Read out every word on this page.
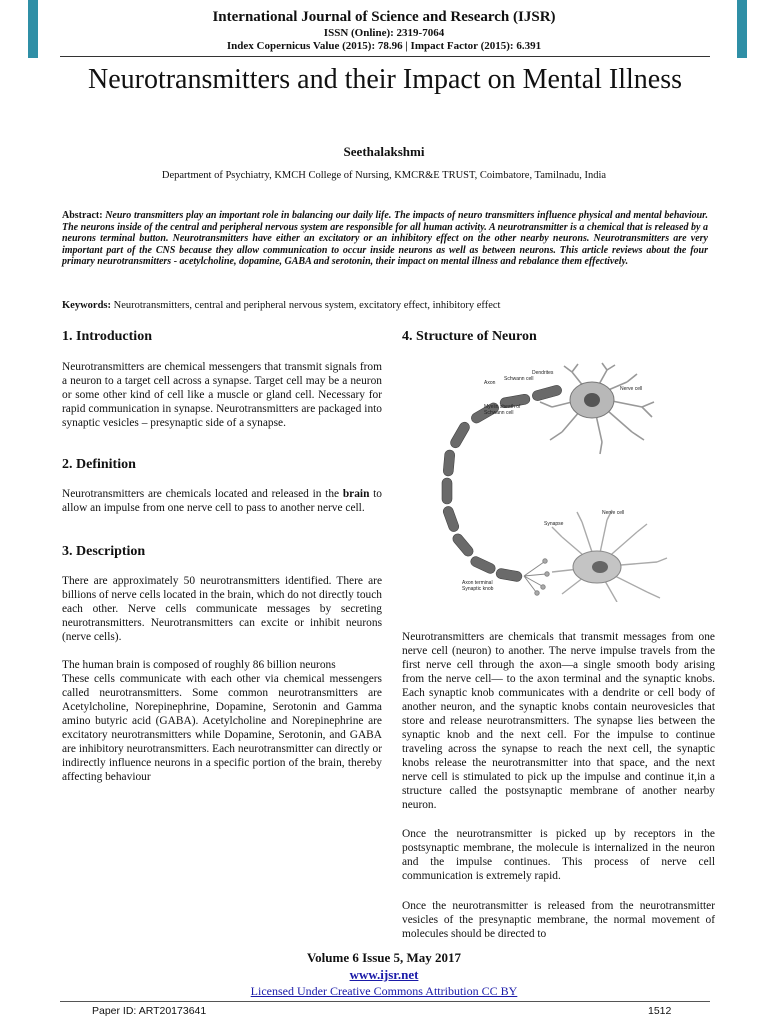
International Journal of Science and Research (IJSR)
ISSN (Online): 2319-7064
Index Copernicus Value (2015): 78.96 | Impact Factor (2015): 6.391
Neurotransmitters and their Impact on Mental Illness
Seethalakshmi
Department of Psychiatry, KMCH College of Nursing, KMCR&E TRUST, Coimbatore, Tamilnadu, India
Abstract: Neuro transmitters play an important role in balancing our daily life. The impacts of neuro transmitters influence physical and mental behaviour. The neurons inside of the central and peripheral nervous system are responsible for all human activity. A neurotransmitter is a chemical that is released by a neurons terminal button. Neurotransmitters have either an excitatory or an inhibitory effect on the other nearby neurons. Neurotransmitters are very important part of the CNS because they allow communication to occur inside neurons as well as between neurons. This article reviews about the four primary neurotransmitters - acetylcholine, dopamine, GABA and serotonin, their impact on mental illness and rebalance them effectively.
Keywords: Neurotransmitters, central and peripheral nervous system, excitatory effect, inhibitory effect
1. Introduction
Neurotransmitters are chemical messengers that transmit signals from a neuron to a target cell across a synapse. Target cell may be a neuron or some other kind of cell like a muscle or gland cell. Necessary for rapid communication in synapse. Neurotransmitters are packaged into synaptic vesicles – presynaptic side of a synapse.
2. Definition
Neurotransmitters are chemicals located and released in the brain to allow an impulse from one nerve cell to pass to another nerve cell.
3. Description
There are approximately 50 neurotransmitters identified. There are billions of nerve cells located in the brain, which do not directly touch each other. Nerve cells communicate messages by secreting neurotransmitters. Neurotransmitters can excite or inhibit neurons (nerve cells).
The human brain is composed of roughly 86 billion neurons
These cells communicate with each other via chemical messengers called neurotransmitters. Some common neurotransmitters are Acetylcholine, Norepinephrine, Dopamine, Serotonin and Gamma amino butyric acid (GABA). Acetylcholine and Norepinephrine are excitatory neurotransmitters while Dopamine, Serotonin, and GABA are inhibitory neurotransmitters. Each neurotransmitter can directly or indirectly influence neurons in a specific portion of the brain, thereby affecting behaviour
4. Structure of Neuron
Dendrites
Axon
Schwann cell
Nerve cell
Myelin sheath of
Schwann cell
Synapse
Nerve cell
Axon terminal
Synaptic knob
Neurotransmitters are chemicals that transmit messages from one nerve cell (neuron) to another. The nerve impulse travels from the first nerve cell through the axon—a single smooth body arising from the nerve cell— to the axon terminal and the synaptic knobs. Each synaptic knob communicates with a dendrite or cell body of another neuron, and the synaptic knobs contain neurovesicles that store and release neurotransmitters. The synapse lies between the synaptic knob and the next cell. For the impulse to continue traveling across the synapse to reach the next cell, the synaptic knobs release the neurotransmitter into that space, and the next nerve cell is stimulated to pick up the impulse and continue it,in a structure called the postsynaptic membrane of another nearby neuron.
Once the neurotransmitter is picked up by receptors in the postsynaptic membrane, the molecule is internalized in the neuron and the impulse continues. This process of nerve cell communication is extremely rapid.
Once the neurotransmitter is released from the neurotransmitter vesicles of the presynaptic membrane, the normal movement of molecules should be directed to
Volume 6 Issue 5, May 2017
www.ijsr.net
Licensed Under Creative Commons Attribution CC BY
Paper ID: ART20173641	1512
